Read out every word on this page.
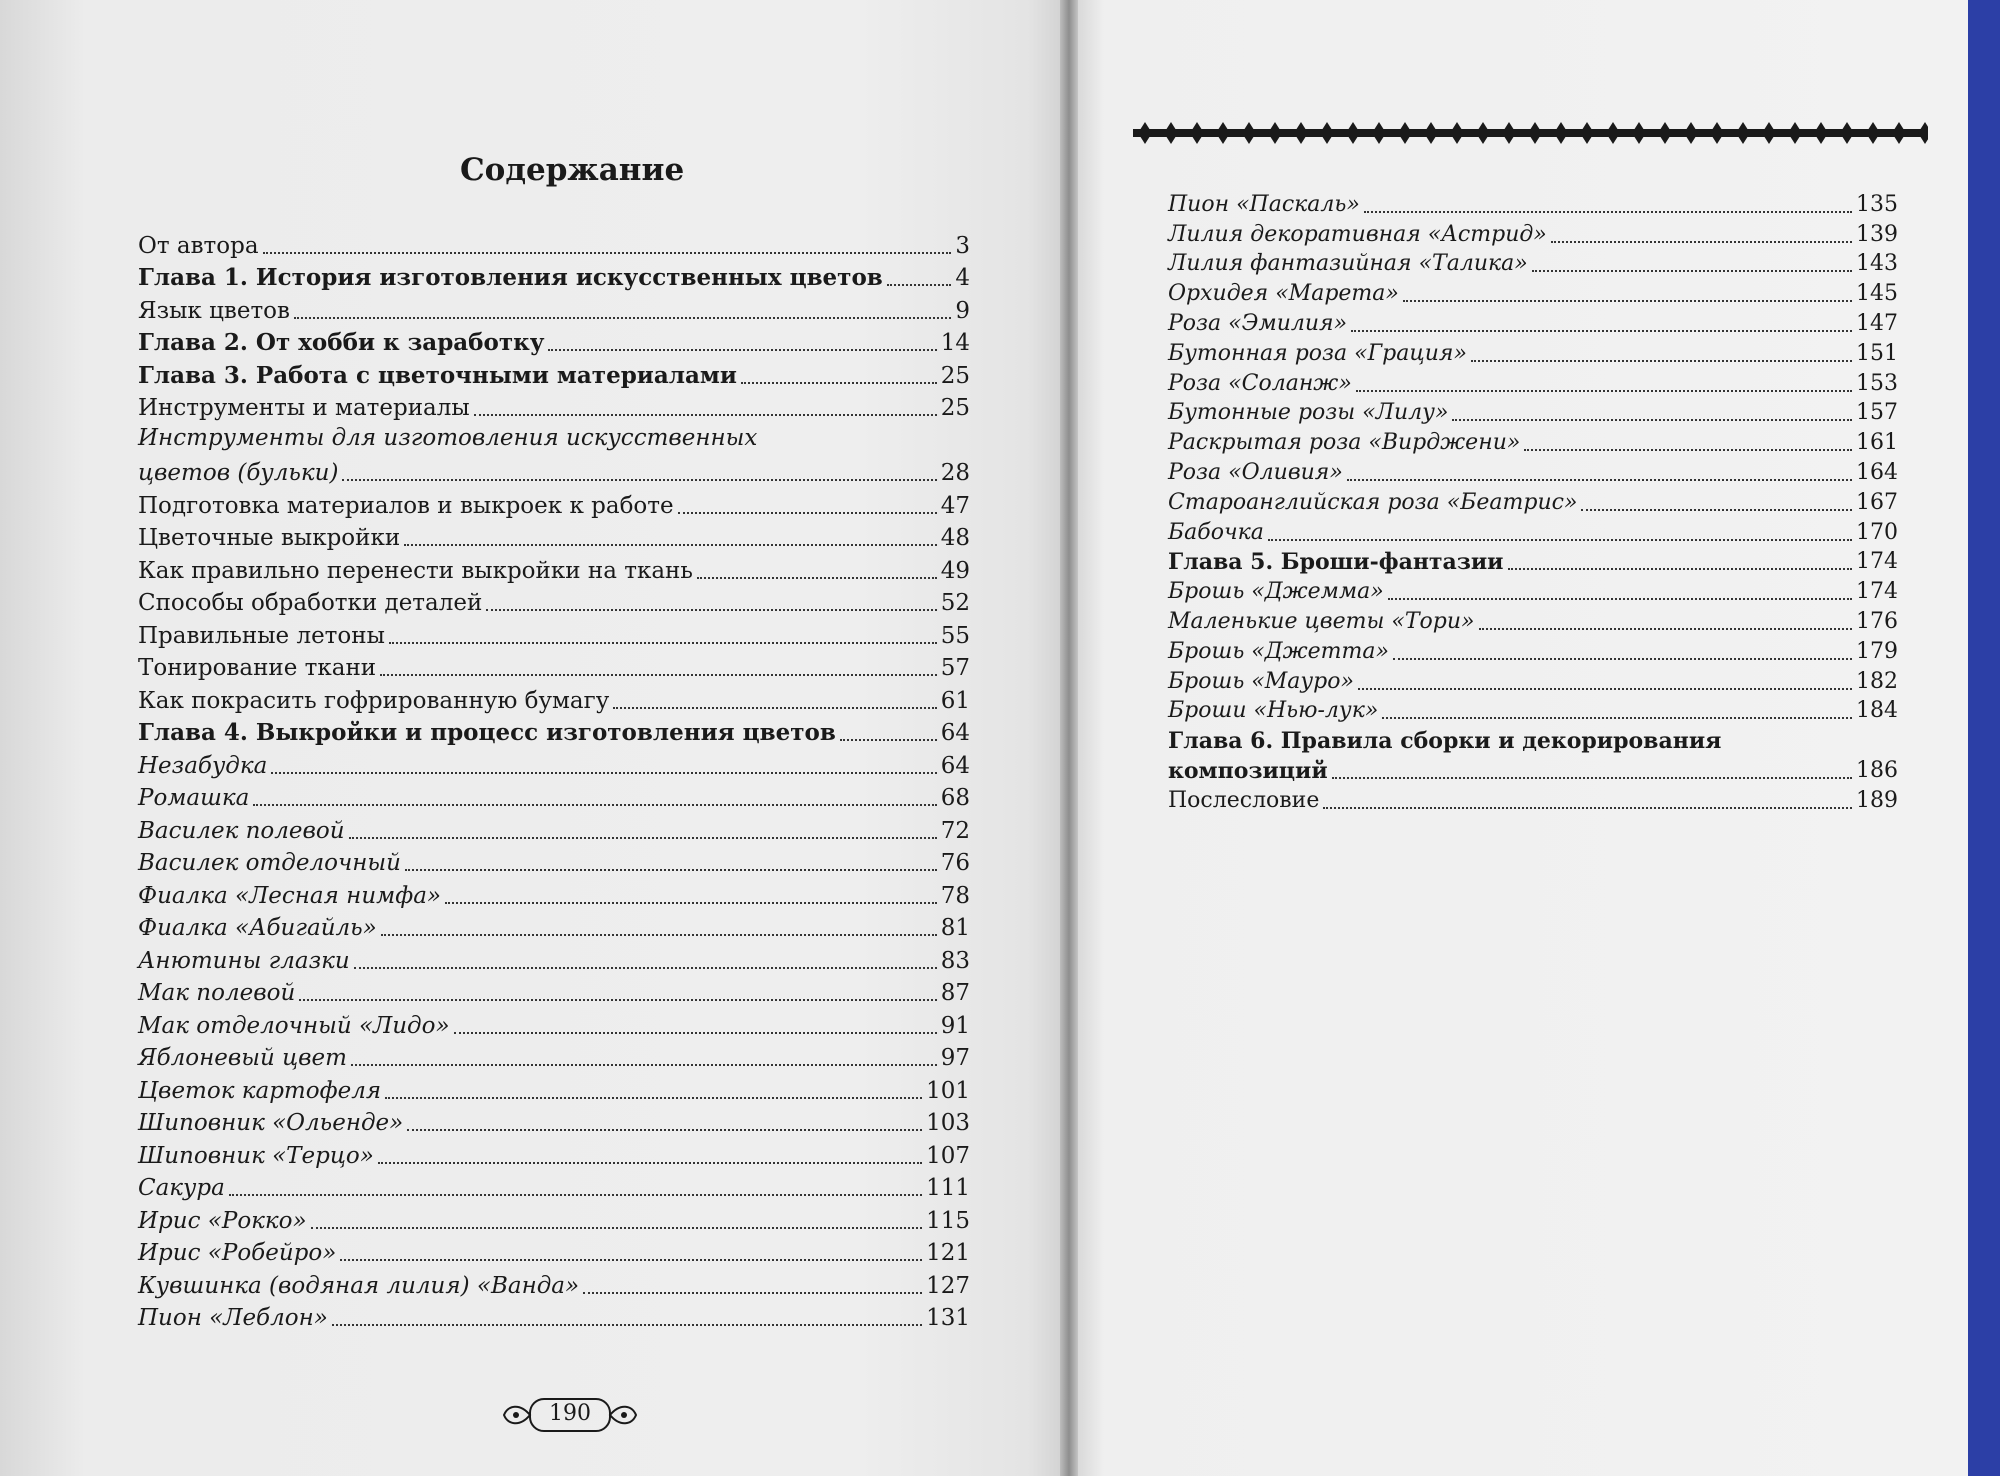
Содержание
От автора	3
Глава 1. История изготовления искусственных цветов	4
Язык цветов	9
Глава 2. От хобби к заработку	14
Глава 3. Работа с цветочными материалами	25
Инструменты и материалы	25
Инструменты для изготовления искусственных
цветов (бульки)	28
Подготовка материалов и выкроек к работе	47
Цветочные выкройки	48
Как правильно перенести выкройки на ткань	49
Способы обработки деталей	52
Правильные летоны	55
Тонирование ткани	57
Как покрасить гофрированную бумагу	61
Глава 4. Выкройки и процесс изготовления цветов	64
Незабудка	64
Ромашка	68
Василек полевой	72
Василек отделочный	76
Фиалка «Лесная нимфа»	78
Фиалка «Абигайль»	81
Анютины глазки	83
Мак полевой	87
Мак отделочный «Лидо»	91
Яблоневый цвет	97
Цветок картофеля	101
Шиповник «Ольенде»	103
Шиповник «Терцо»	107
Сакура	111
Ирис «Рокко»	115
Ирис «Робейро»	121
Кувшинка (водяная лилия) «Ванда»	127
Пион «Леблон»	131
Пион «Паскаль»	135
Лилия декоративная «Астрид»	139
Лилия фантазийная «Талика»	143
Орхидея «Марета»	145
Роза «Эмилия»	147
Бутонная роза «Грация»	151
Роза «Соланж»	153
Бутонные розы «Лилу»	157
Раскрытая роза «Вирджени»	161
Роза «Оливия»	164
Староанглийская роза «Беатрис»	167
Бабочка	170
Глава 5. Броши-фантазии	174
Брошь «Джемма»	174
Маленькие цветы «Тори»	176
Брошь «Джетта»	179
Брошь «Мауро»	182
Броши «Нью-лук»	184
Глава 6. Правила сборки и декорирования
композиций	186
Послесловие	189
190
